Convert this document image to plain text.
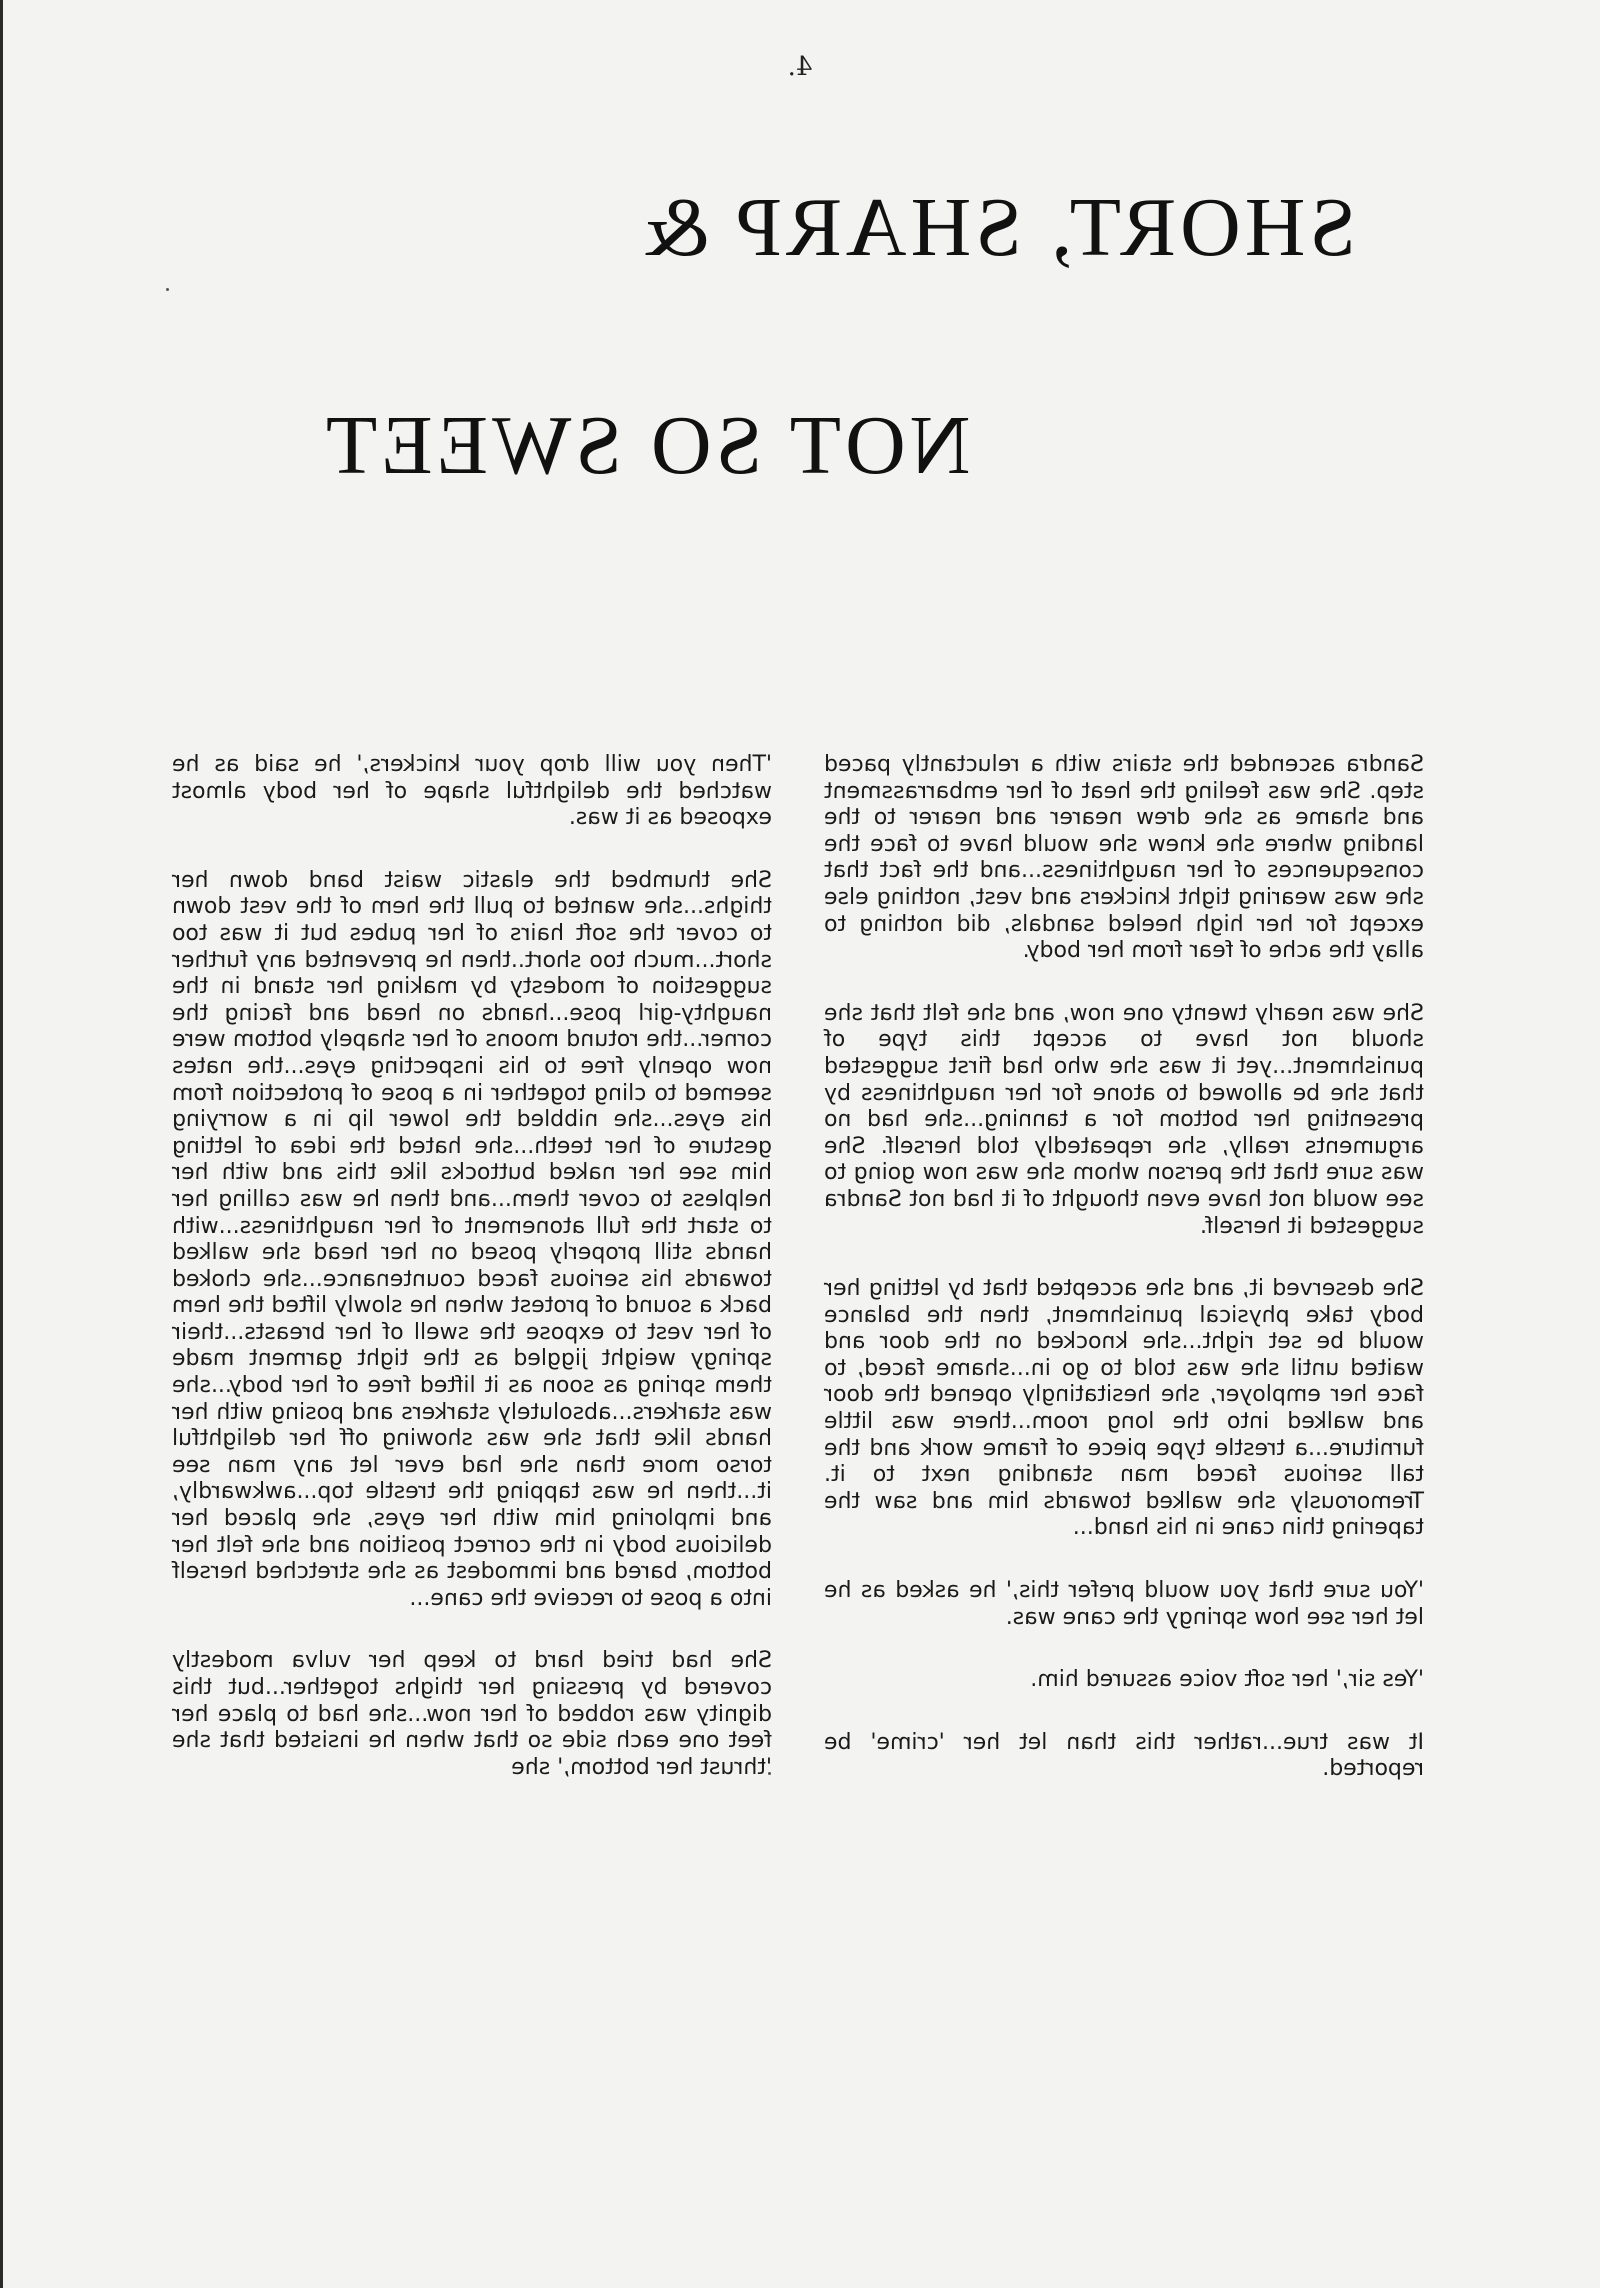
4.
SHORT, SHARP &
NOT SO SWEET

Sandra ascended the stairs with a reluctantly paced step. She was feeling the heat of her embarrassment and shame as she drew nearer and nearer to the landing where she knew she would have to face the consequences of her naughtiness...and the fact that she was wearing tight knickers and vest, nothing else except for her high heeled sandals, did nothing to allay the ache of fear from her body.

She was nearly twenty one now, and she felt that she should not have to accept this type of punishment...yet it was she who had first suggested that she be allowed to atone for her naughtiness by presenting her bottom for a tanning...she had no arguments really, she repeatedly told herself. She was sure that the person whom she was now going to see would not have even thought of it had not Sandra suggested it herself.

She deserved it, and she accepted that by letting her body take physical punishment, then the balance would be set right...she knocked on the door and waited until she was told to go in...shame faced, to face her employer, she hesitatingly opened the door and walked into the long room...there was little furniture...a trestle type piece of frame work and the tall serious faced man standing next to it. Tremorously she walked towards him and saw the tapering thin cane in his hand...

'You sure that you would prefer this,' he asked as he let her see how springy the cane was.

'Yes sir,' her soft voice assured him.

It was true...rather this than let her 'crime' be reported.

'Then you will drop your knickers,' he said as he watched the delightful shape of her body almost exposed as it was.

She thumbed the elastic waist band down her thighs...she wanted to pull the hem of the vest down to cover the soft hairs of her pubes but it was too short...much too short..then he prevented any further suggestion of modesty by making her stand in the naughty-girl pose...hands on head and facing the corner...the rotund moons of her shapely bottom were now openly free to his inspecting eyes...the nates seemed to cling together in a pose of protection from his eyes...she nibbled the lower lip in a worrying gesture of her teeth...she hated the idea of letting him see her naked buttocks like this and with her helpless to cover them...and then he was calling her to start the full atonement of her naughtiness...with hands still properly posed on her head she walked towards his serious faced countenance...she choked back a sound of protest when he slowly lifted the hem of her vest to expose the swell of her breasts...their springy weight jiggled as the tight garment made them spring as soon as it lifted free of her body...she was starkers...absolutely starkers and posing with her hands like that she was showing off her delightful torso more than she had ever let any man see it...then he was tapping the trestle top...awkwardly, and imploring him with her eyes, she placed her delicious body in the correct position and she felt her bottom, bared and immodest as she stretched herself into a pose to receive the cane...

She had tried hard to keep her vulva modestly covered by pressing her thighs together...but this dignity was robbed of her now...she had to place her feet one each side so that when he insisted that she 'thrust her bottom,' she
